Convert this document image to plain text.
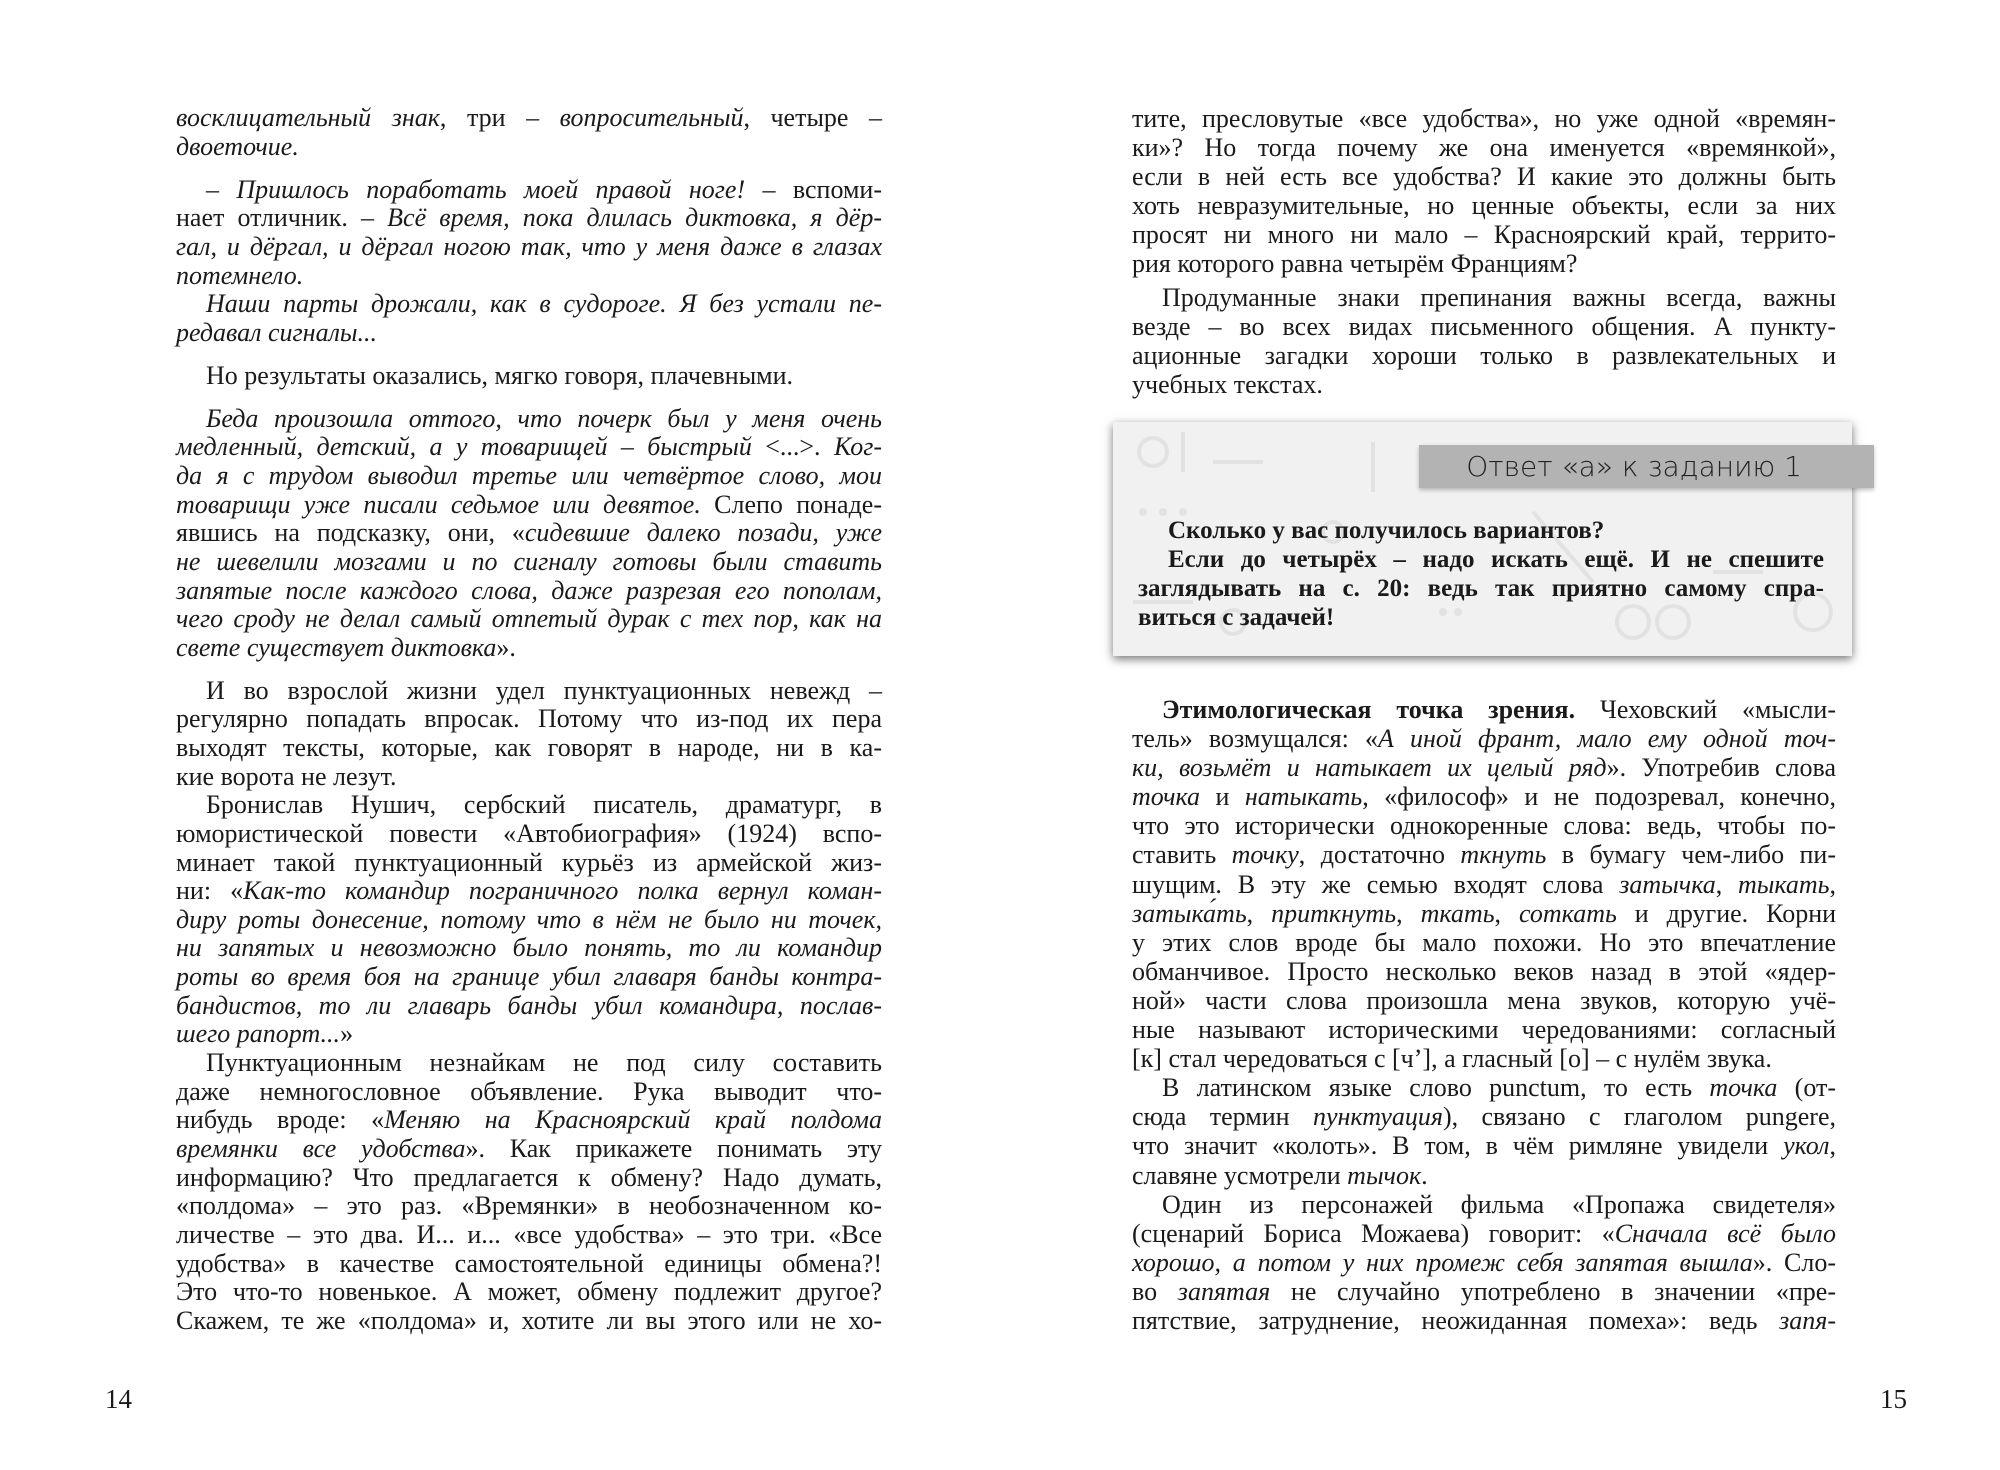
восклицательный знак, три – вопросительный, четыре –
двоеточие.
– Пришлось поработать моей правой ноге! – вспоми-
нает отличник. – Всё время, пока длилась диктовка, я дёр-
гал, и дёргал, и дёргал ногою так, что у меня даже в глазах
потемнело.
Наши парты дрожали, как в судороге. Я без устали пе-
редавал сигналы...
Но результаты оказались, мягко говоря, плачевными.
Беда произошла оттого, что почерк был у меня очень
медленный, детский, а у товарищей – быстрый <...>. Ког-
да я с трудом выводил третье или четвёртое слово, мои
товарищи уже писали седьмое или девятое. Слепо понаде-
явшись на подсказку, они, «сидевшие далеко позади, уже
не шевелили мозгами и по сигналу готовы были ставить
запятые после каждого слова, даже разрезая его пополам,
чего сроду не делал самый отпетый дурак с тех пор, как на
свете существует диктовка».
И во взрослой жизни удел пунктуационных невежд –
регулярно попадать впросак. Потому что из-под их пера
выходят тексты, которые, как говорят в народе, ни в ка-
кие ворота не лезут.
Бронислав Нушич, сербский писатель, драматург, в
юмористической повести «Автобиография» (1924) вспо-
минает такой пунктуационный курьёз из армейской жиз-
ни: «Как-то командир пограничного полка вернул коман-
диру роты донесение, потому что в нём не было ни точек,
ни запятых и невозможно было понять, то ли командир
роты во время боя на границе убил главаря банды контра-
бандистов, то ли главарь банды убил командира, послав-
шего рапорт...»
Пунктуационным незнайкам не под силу составить
даже немногословное объявление. Рука выводит что-
нибудь вроде: «Меняю на Красноярский край полдома
времянки все удобства». Как прикажете понимать эту
информацию? Что предлагается к обмену? Надо думать,
«полдома» – это раз. «Времянки» в необозначенном ко-
личестве – это два. И... и... «все удобства» – это три. «Все
удобства» в качестве самостоятельной единицы обмена?!
Это что-то новенькое. А может, обмену подлежит другое?
Скажем, те же «полдома» и, хотите ли вы этого или не хо-
тите, пресловутые «все удобства», но уже одной «времян-
ки»? Но тогда почему же она именуется «времянкой»,
если в ней есть все удобства? И какие это должны быть
хоть невразумительные, но ценные объекты, если за них
просят ни много ни мало – Красноярский край, террито-
рия которого равна четырём Франциям?
Продуманные знаки препинания важны всегда, важны
везде – во всех видах письменного общения. А пункту-
ационные загадки хороши только в развлекательных и
учебных текстах.
Ответ «а» к заданию 1
Сколько у вас получилось вариантов?
Если до четырёх – надо искать ещё. И не спешите
заглядывать на с. 20: ведь так приятно самому спра-
виться с задачей!
Этимологическая точка зрения. Чеховский «мысли-
тель» возмущался: «А иной франт, мало ему одной точ-
ки, возьмёт и натыкает их целый ряд». Употребив слова
точка и натыкать, «философ» и не подозревал, конечно,
что это исторически однокоренные слова: ведь, чтобы по-
ставить точку, достаточно ткнуть в бумагу чем-либо пи-
шущим. В эту же семью входят слова затычка, тыкать,
затыка́ть, приткнуть, ткать, соткать и другие. Корни
у этих слов вроде бы мало похожи. Но это впечатление
обманчивое. Просто несколько веков назад в этой «ядер-
ной» части слова произошла мена звуков, которую учё-
ные называют историческими чередованиями: согласный
[к] стал чередоваться с [ч’], а гласный [о] – с нулём звука.
В латинском языке слово punctum, то есть точка (от-
сюда термин пунктуация), связано с глаголом pungere,
что значит «колоть». В том, в чём римляне увидели укол,
славяне усмотрели тычок.
Один из персонажей фильма «Пропажа свидетеля»
(сценарий Бориса Можаева) говорит: «Сначала всё было
хорошо, а потом у них промеж себя запятая вышла». Сло-
во запятая не случайно употреблено в значении «пре-
пятствие, затруднение, неожиданная помеха»: ведь запя-
14	15
